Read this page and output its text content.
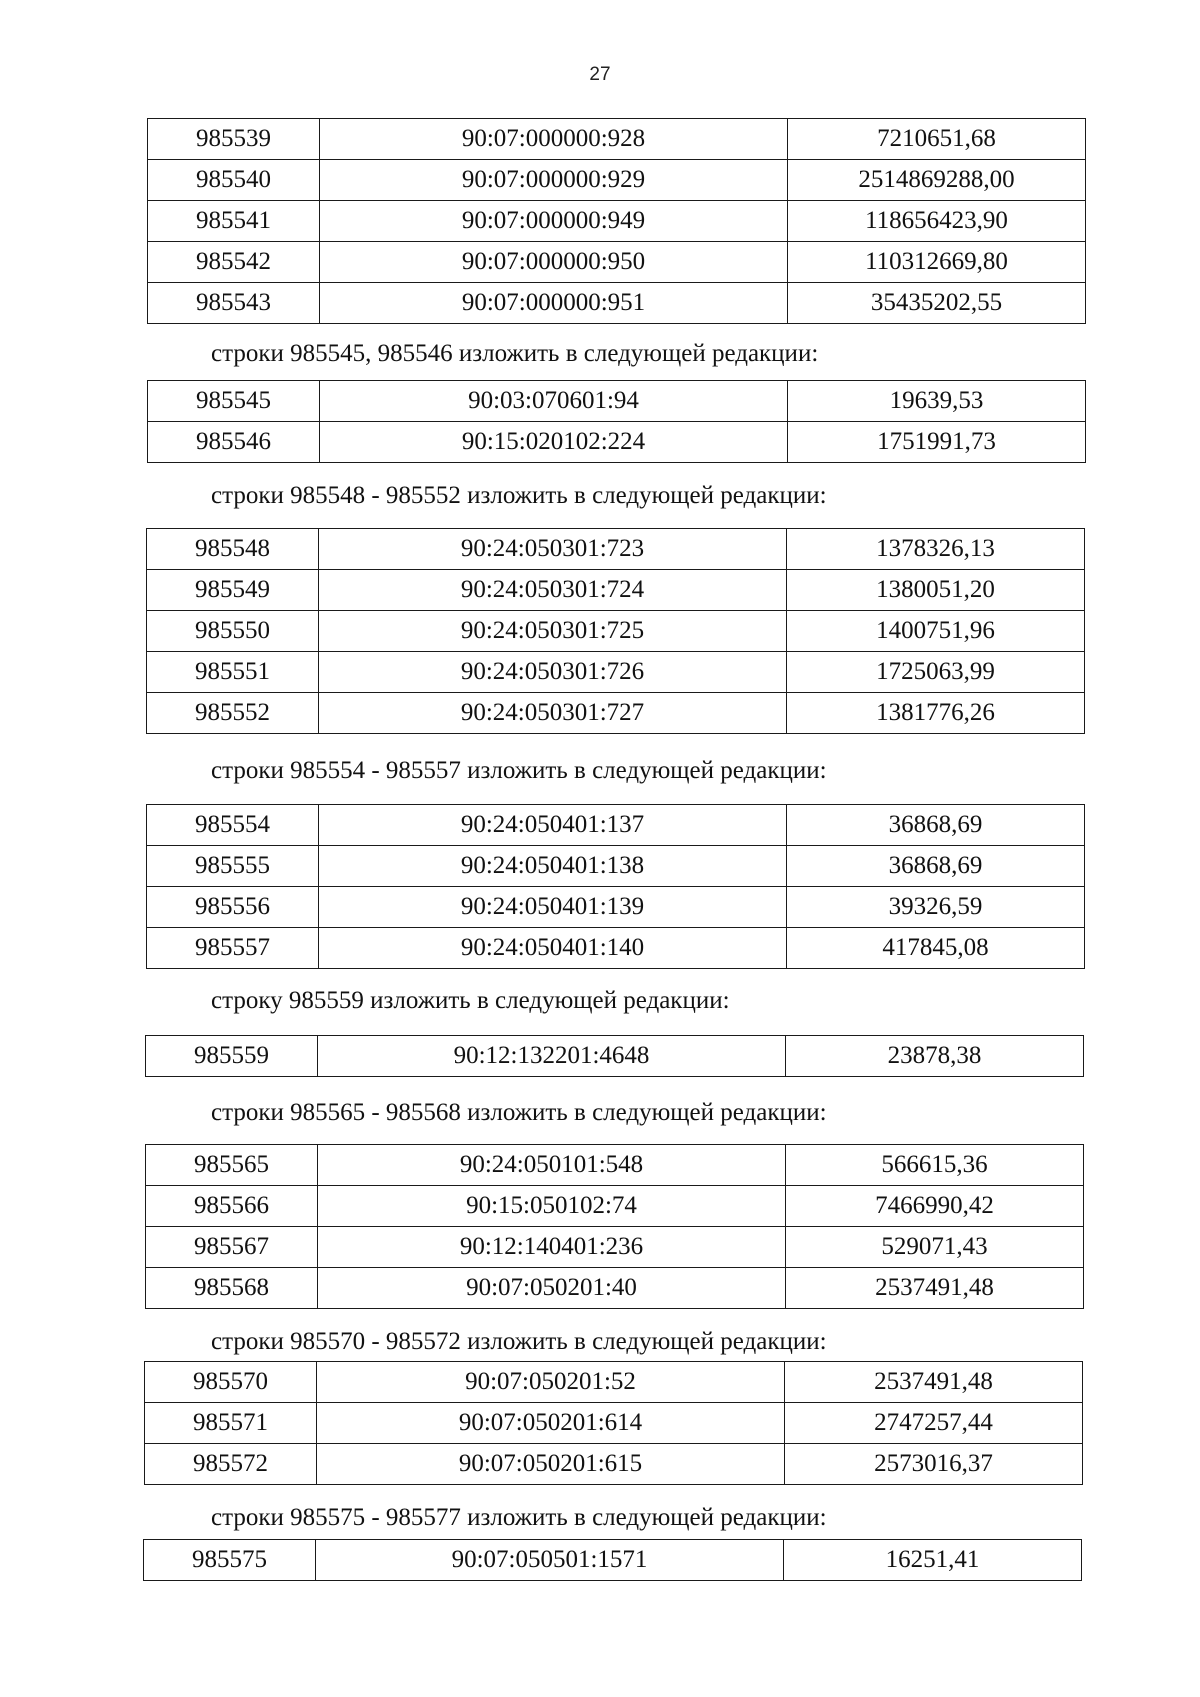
27
985539	90:07:000000:928	7210651,68
985540	90:07:000000:929	2514869288,00
985541	90:07:000000:949	118656423,90
985542	90:07:000000:950	110312669,80
985543	90:07:000000:951	35435202,55
строки 985545, 985546 изложить в следующей редакции:
985545	90:03:070601:94	19639,53
985546	90:15:020102:224	1751991,73
строки 985548 - 985552 изложить в следующей редакции:
985548	90:24:050301:723	1378326,13
985549	90:24:050301:724	1380051,20
985550	90:24:050301:725	1400751,96
985551	90:24:050301:726	1725063,99
985552	90:24:050301:727	1381776,26
строки 985554 - 985557 изложить в следующей редакции:
985554	90:24:050401:137	36868,69
985555	90:24:050401:138	36868,69
985556	90:24:050401:139	39326,59
985557	90:24:050401:140	417845,08
строку 985559 изложить в следующей редакции:
985559	90:12:132201:4648	23878,38
строки 985565 - 985568 изложить в следующей редакции:
985565	90:24:050101:548	566615,36
985566	90:15:050102:74	7466990,42
985567	90:12:140401:236	529071,43
985568	90:07:050201:40	2537491,48
строки 985570 - 985572 изложить в следующей редакции:
985570	90:07:050201:52	2537491,48
985571	90:07:050201:614	2747257,44
985572	90:07:050201:615	2573016,37
строки 985575 - 985577 изложить в следующей редакции:
985575	90:07:050501:1571	16251,41
